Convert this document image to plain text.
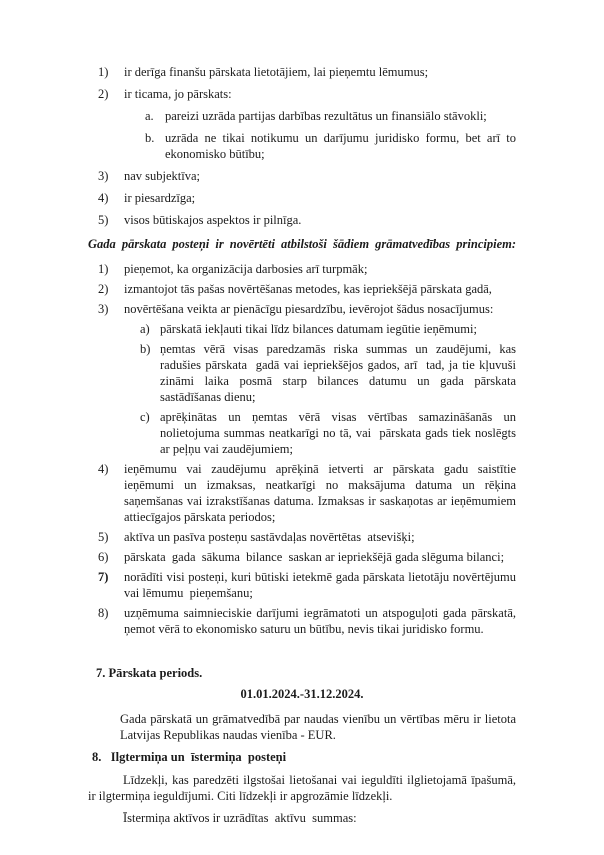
1)	ir derīga finanšu pārskata lietotājiem, lai pieņemtu lēmumus;
2)	ir ticama, jo pārskats:
a. pareizi uzrāda partijas darbības rezultātus un finansiālo stāvokli;
b. uzrāda ne tikai notikumu un darījumu juridisko formu, bet arī to ekonomisko būtību;
3)	nav subjektīva;
4)	ir piesardzīga;
5)	visos būtiskajos aspektos ir pilnīga.

Gada pārskata posteņi ir novērtēti atbilstoši šādiem grāmatvedības principiem:

1)	pieņemot, ka organizācija darbosies arī turpmāk;
2)	izmantojot tās pašas novērtēšanas metodes, kas iepriekšējā pārskata gadā,
3)	novērtēšana veikta ar pienācīgu piesardzību, ievērojot šādus nosacījumus:
a) pārskatā iekļauti tikai līdz bilances datumam iegūtie ieņēmumi;
b) ņemtas vērā visas paredzamās riska summas un zaudējumi, kas radušies pārskata  gadā vai iepriekšējos gados, arī  tad, ja tie kļuvuši zināmi laika posmā starp bilances datumu un gada pārskata  sastādīšanas dienu;
c) aprēķinātas un ņemtas vērā visas vērtības samazināšanās un nolietojuma summas neatkarīgi no tā, vai  pārskata gads tiek noslēgts ar peļņu vai zaudējumiem;
4)	ieņēmumu vai zaudējumu aprēķinā ietverti ar pārskata gadu saistītie ieņēmumi un izmaksas, neatkarīgi no maksājuma datuma un rēķina saņemšanas vai izrakstīšanas datuma. Izmaksas ir saskaņotas ar ieņēmumiem attiecīgajos pārskata periodos;
5)	aktīva un pasīva posteņu sastāvdaļas novērtētas  atsevišķi;
6)	pārskata  gada  sākuma  bilance  saskan ar iepriekšējā gada slēguma bilanci;
7)	norādīti visi posteņi, kuri būtiski ietekmē gada pārskata lietotāju novērtējumu vai lēmumu  pieņemšanu;
8)	uzņēmuma saimnieciskie darījumi iegrāmatoti un atspoguļoti gada pārskatā, ņemot vērā to ekonomisko saturu un būtību, nevis tikai juridisko formu.
7. Pārskata periods.
01.01.2024.-31.12.2024.

Gada pārskatā un grāmatvedībā par naudas vienību un vērtības mēru ir lietota Latvijas Republikas naudas vienība - EUR.

8.   Ilgtermiņa un  īstermiņa  posteņi

Līdzekļi, kas paredzēti ilgstošai lietošanai vai ieguldīti ilglietojamā īpašumā, ir ilgtermiņa ieguldījumi. Citi līdzekļi ir apgrozāmie līdzekļi.

Īstermiņa aktīvos ir uzrādītas  aktīvu  summas:
